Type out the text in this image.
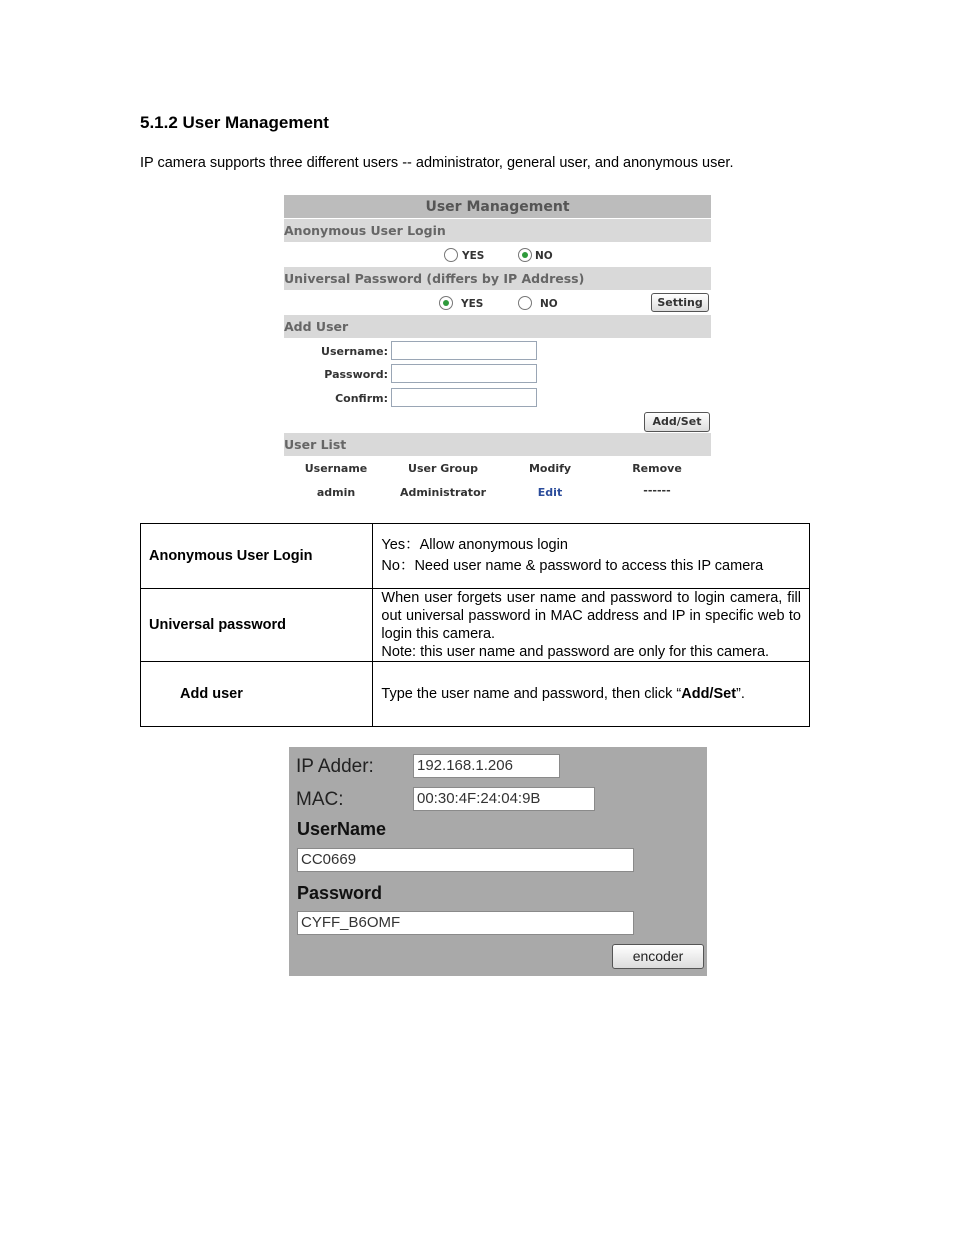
5.1.2 User Management
IP camera supports three different users -- administrator, general user, and anonymous user.
User Management
Anonymous User Login
YES	NO
Universal Password (differs by IP Address)
YES	NO	Setting
Add User
Username:
Password:
Confirm:
Add/Set
User List
Username	User Group	Modify	Remove
admin	Administrator	Edit	------
Anonymous User Login	Yes：Allow anonymous login
No：Need user name & password to access this IP camera

Universal password	When user forgets user name and password to login camera, fill out universal password in MAC address and IP in specific web to login this camera.
Note: this user name and password are only for this camera.

Add user	Type the user name and password, then click “Add/Set”.
IP Adder:	192.168.1.206
MAC:	00:30:4F:24:04:9B
UserName
CC0669
Password
CYFF_B6OMF
encoder
